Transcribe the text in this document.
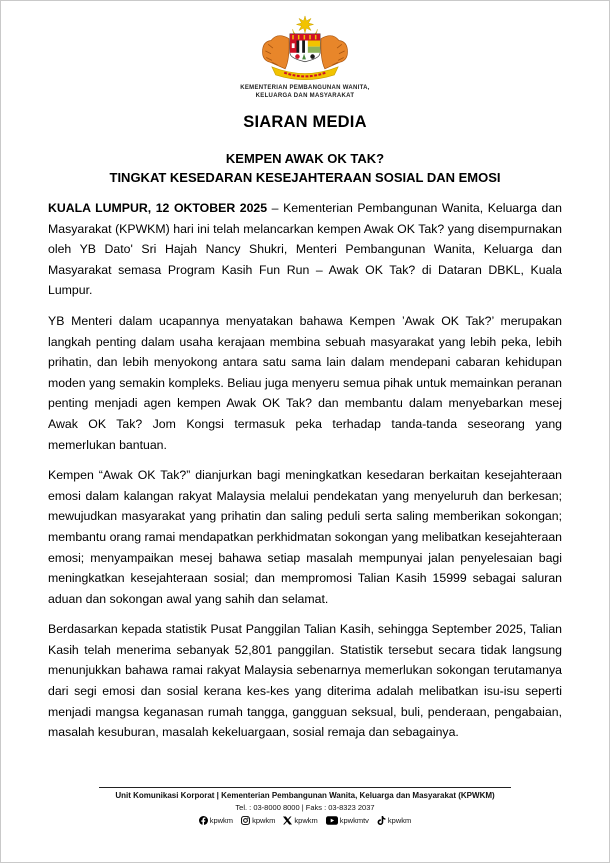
KEMENTERIAN PEMBANGUNAN WANITA,
KELUARGA DAN MASYARAKAT
SIARAN MEDIA
KEMPEN AWAK OK TAK?
TINGKAT KESEDARAN KESEJAHTERAAN SOSIAL DAN EMOSI

KUALA LUMPUR, 12 OKTOBER 2025 – Kementerian Pembangunan Wanita, Keluarga dan Masyarakat (KPWKM) hari ini telah melancarkan kempen Awak OK Tak? yang disempurnakan oleh YB Dato' Sri Hajah Nancy Shukri, Menteri Pembangunan Wanita, Keluarga dan Masyarakat semasa Program Kasih Fun Run – Awak OK Tak? di Dataran DBKL, Kuala Lumpur.

YB Menteri dalam ucapannya menyatakan bahawa Kempen ’Awak OK Tak?’ merupakan langkah penting dalam usaha kerajaan membina sebuah masyarakat yang lebih peka, lebih prihatin, dan lebih menyokong antara satu sama lain dalam mendepani cabaran kehidupan moden yang semakin kompleks. Beliau juga menyeru semua pihak untuk memainkan peranan penting menjadi agen kempen Awak OK Tak? dan membantu dalam menyebarkan mesej Awak OK Tak? Jom Kongsi termasuk peka terhadap tanda-tanda seseorang yang memerlukan bantuan.

Kempen “Awak OK Tak?” dianjurkan bagi meningkatkan kesedaran berkaitan kesejahteraan emosi dalam kalangan rakyat Malaysia melalui pendekatan yang menyeluruh dan berkesan; mewujudkan masyarakat yang prihatin dan saling peduli serta saling memberikan sokongan; membantu orang ramai mendapatkan perkhidmatan sokongan yang melibatkan kesejahteraan emosi; menyampaikan mesej bahawa setiap masalah mempunyai jalan penyelesaian bagi meningkatkan kesejahteraan sosial; dan mempromosi Talian Kasih 15999 sebagai saluran aduan dan sokongan awal yang sahih dan selamat.

Berdasarkan kepada statistik Pusat Panggilan Talian Kasih, sehingga September 2025, Talian Kasih telah menerima sebanyak 52,801 panggilan. Statistik tersebut secara tidak langsung menunjukkan bahawa ramai rakyat Malaysia sebenarnya memerlukan sokongan terutamanya dari segi emosi dan sosial kerana kes-kes yang diterima adalah melibatkan isu-isu seperti menjadi mangsa keganasan rumah tangga, gangguan seksual, buli, penderaan, pengabaian, masalah kesuburan, masalah kekeluargaan, sosial remaja dan sebagainya.

Unit Komunikasi Korporat | Kementerian Pembangunan Wanita, Keluarga dan Masyarakat (KPWKM)
Tel. : 03-8000 8000 | Faks : 03-8323 2037
kpwkm	kpwkm	kpwkm	kpwkmtv	kpwkm
